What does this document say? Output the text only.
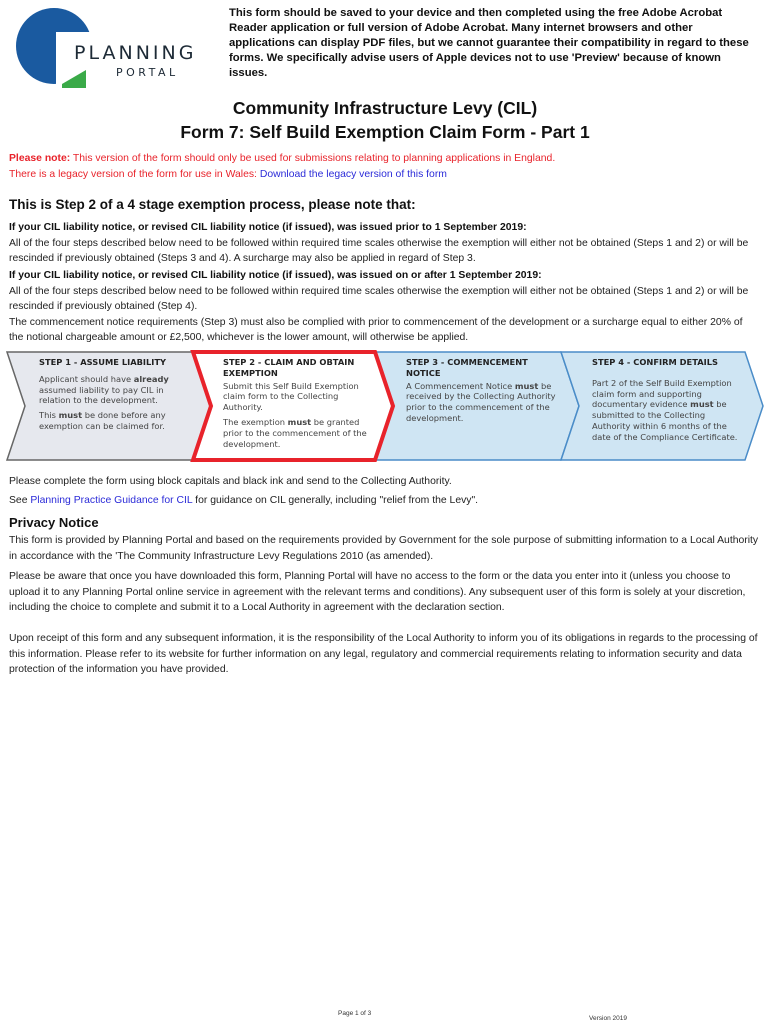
PLANNING
PORTAL
This form should be saved to your device and then completed using the free Adobe Acrobat Reader application or full version of Adobe Acrobat. Many internet browsers and other applications can display PDF files, but we cannot guarantee their compatibility in regard to these forms. We specifically advise users of Apple devices not to use 'Preview' because of known issues.
Community Infrastructure Levy (CIL)
Form 7: Self Build Exemption Claim Form - Part 1
Please note: This version of the form should only be used for submissions relating to planning applications in England.
There is a legacy version of the form for use in Wales: Download the legacy version of this form
This is Step 2 of a 4 stage exemption process, please note that:
If your CIL liability notice, or revised CIL liability notice (if issued), was issued prior to 1 September 2019:
All of the four steps described below need to be followed within required time scales otherwise the exemption will either not be obtained (Steps 1 and 2) or will be rescinded if previously obtained (Steps 3 and 4). A surcharge may also be applied in regard of Step 3.
If your CIL liability notice, or revised CIL liability notice (if issued), was issued on or after 1 September 2019:
All of the four steps described below need to be followed within required time scales otherwise the exemption will either not be obtained (Steps 1 and 2) or will be rescinded if previously obtained (Step 4).
The commencement notice requirements (Step 3) must also be complied with prior to commencement of the development or a surcharge equal to either 20% of the notional chargeable amount or £2,500, whichever is the lower amount, will otherwise be applied.
STEP 1 - ASSUME LIABILITY

Applicant should have already assumed liability to pay CIL in relation to the development.

This must be done before any exemption can be claimed for.

STEP 2 - CLAIM AND OBTAIN EXEMPTION

Submit this Self Build Exemption claim form to the Collecting Authority.

The exemption must be granted prior to the commencement of the development.

STEP 3 - COMMENCEMENT NOTICE

A Commencement Notice must be received by the Collecting Authority prior to the commencement of the development.

STEP 4 - CONFIRM DETAILS

Part 2 of the Self Build Exemption claim form and supporting documentary evidence must be submitted to the Collecting Authority within 6 months of the date of the Compliance Certificate.

Please complete the form using block capitals and black ink and send to the Collecting Authority.
See Planning Practice Guidance for CIL for guidance on CIL generally, including "relief from the Levy".
Privacy Notice
This form is provided by Planning Portal and based on the requirements provided by Government for the sole purpose of submitting information to a Local Authority in accordance with the 'The Community Infrastructure Levy Regulations 2010 (as amended).
Please be aware that once you have downloaded this form, Planning Portal will have no access to the form or the data you enter into it (unless you choose to upload it to any Planning Portal online service in agreement with the relevant terms and conditions). Any subsequent user of this form is solely at your discretion, including the choice to complete and submit it to a Local Authority in agreement with the declaration section.
Upon receipt of this form and any subsequent information, it is the responsibility of the Local Authority to inform you of its obligations in regards to the processing of this information. Please refer to its website for further information on any legal, regulatory and commercial requirements relating to information security and data protection of the information you have provided.
Page 1 of 3
Version 2019
